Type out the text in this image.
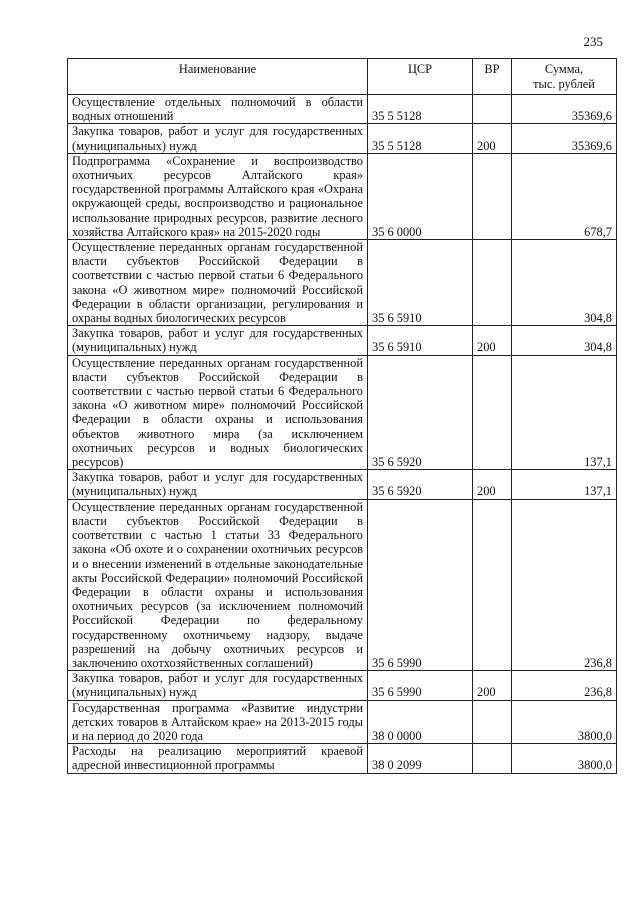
235
Наименование	ЦСР	ВР	Сумма,
тыс. рублей
Осуществление отдельных полномочий в области водных отношений	35 5 5128		35369,6
Закупка товаров, работ и услуг для государственных (муниципальных) нужд	35 5 5128	200	35369,6
Подпрограмма «Сохранение и воспроизводство охотничьих ресурсов Алтайского края» государственной программы Алтайского края «Охрана окружающей среды, воспроизводство и рациональное использование природных ресурсов, развитие лесного хозяйства Алтайского края» на 2015-2020 годы	35 6 0000		678,7
Осуществление переданных органам государственной власти субъектов Российской Федерации в соответствии с частью первой статьи 6 Федерального закона «О животном мире» полномочий Российской Федерации в области организации, регулирования и охраны водных биологических ресурсов	35 6 5910		304,8
Закупка товаров, работ и услуг для государственных (муниципальных) нужд	35 6 5910	200	304,8
Осуществление переданных органам государственной власти субъектов Российской Федерации в соответствии с частью первой статьи 6 Федерального закона «О животном мире» полномочий Российской Федерации в области охраны и использования объектов животного мира (за исключением охотничьих ресурсов и водных биологических ресурсов)	35 6 5920		137,1
Закупка товаров, работ и услуг для государственных (муниципальных) нужд	35 6 5920	200	137,1
Осуществление переданных органам государственной власти субъектов Российской Федерации в соответствии с частью 1 статьи 33 Федерального закона «Об охоте и о сохранении охотничьих ресурсов и о внесении изменений в отдельные законодательные акты Российской Федерации» полномочий Российской Федерации в области охраны и использования охотничьих ресурсов (за исключением полномочий Российской Федерации по федеральному государственному охотничьему надзору, выдаче разрешений на добычу охотничьих ресурсов и заключению охотхозяйственных соглашений)	35 6 5990		236,8
Закупка товаров, работ и услуг для государственных (муниципальных) нужд	35 6 5990	200	236,8
Государственная программа «Развитие индустрии детских товаров в Алтайском крае» на 2013-2015 годы и на период до 2020 года	38 0 0000		3800,0
Расходы на реализацию мероприятий краевой адресной инвестиционной программы	38 0 2099		3800,0
